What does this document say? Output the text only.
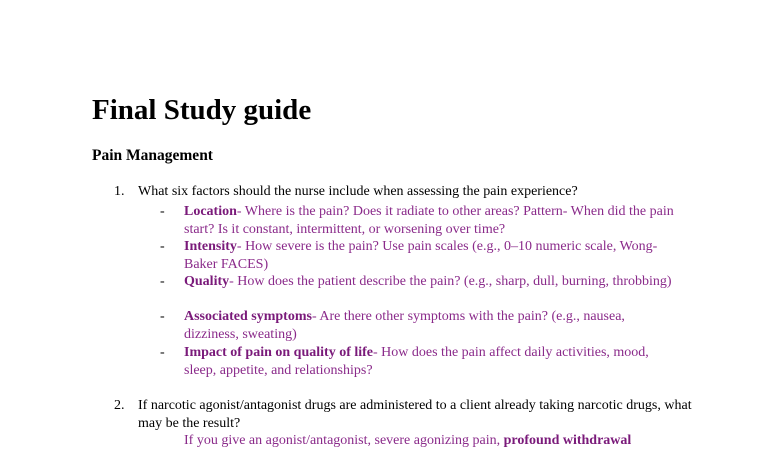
Final Study guide
Pain Management
1. What six factors should the nurse include when assessing the pain experience?
- Location- Where is the pain? Does it radiate to other areas? Pattern- When did the pain start? Is it constant, intermittent, or worsening over time?
- Intensity- How severe is the pain? Use pain scales (e.g., 0–10 numeric scale, Wong-Baker FACES)
- Quality- How does the patient describe the pain? (e.g., sharp, dull, burning, throbbing)
- Associated symptoms- Are there other symptoms with the pain? (e.g., nausea, dizziness, sweating)
- Impact of pain on quality of life- How does the pain affect daily activities, mood, sleep, appetite, and relationships?
2. If narcotic agonist/antagonist drugs are administered to a client already taking narcotic drugs, what may be the result?
If you give an agonist/antagonist, severe agonizing pain, profound withdrawal
